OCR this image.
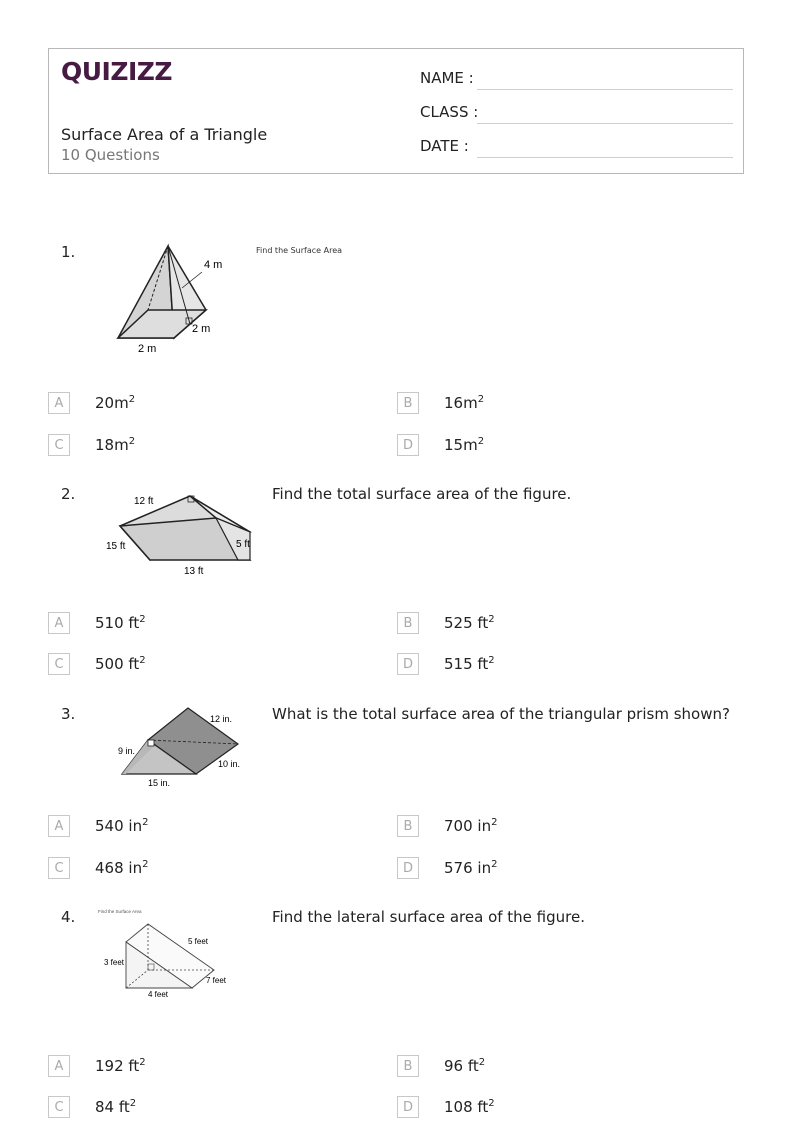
QUIZIZZ
Surface Area of a Triangle
10 Questions
NAME :
CLASS :
DATE :
1.	Find the Surface Area
4 m
2 m
2 m
A	$20m^2$	B	$16m^2$
C	$18m^2$	D	$15m^2$
2.	Find the total surface area of the figure.
12 ft
15 ft	5 ft
13 ft
A	510 $ft^2$	B	525 $ft^2$
C	500 $ft^2$	D	515 $ft^2$
3.	What is the total surface area of the triangular prism shown?
12 in.
9 in.
10 in.
15 in.
A	540 $in^2$	B	700 $in^2$
C	468 $in^2$	D	576 $in^2$
4.	Find the lateral surface area of the figure.
Find the Surface Area
5 feet
3 feet
7 feet
4 feet
A	192 $ft^2$	B	96 $ft^2$
C	84 $ft^2$	D	108 $ft^2$
